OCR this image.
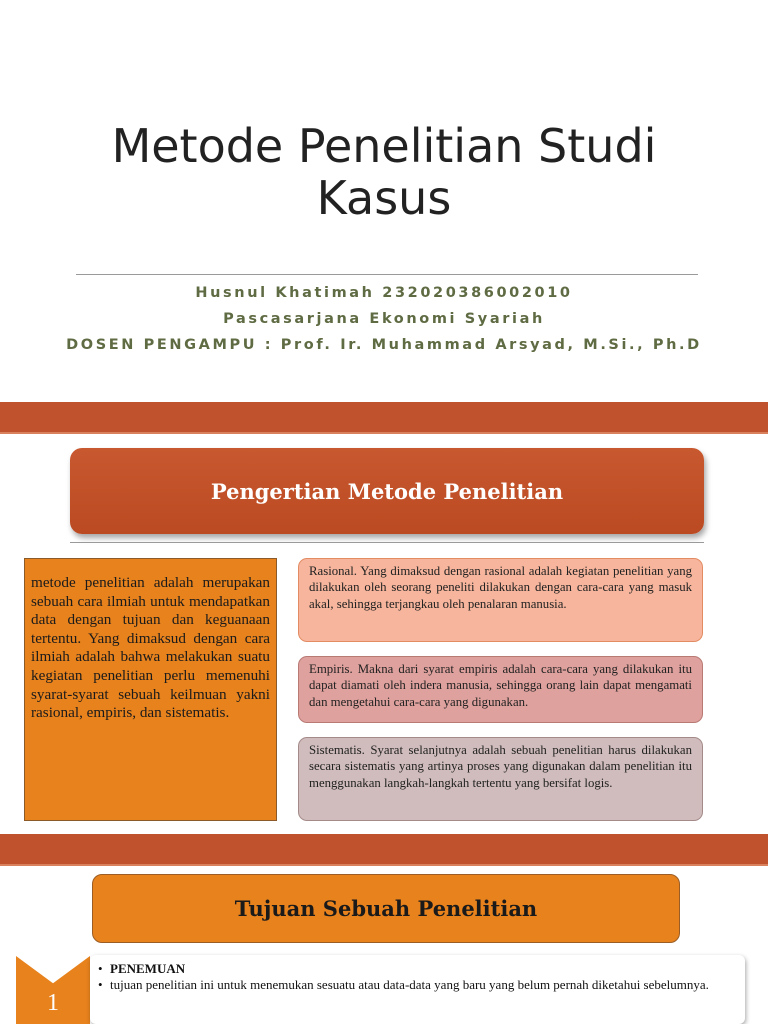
Metode Penelitian Studi Kasus
Husnul Khatimah 232020386002010
Pascasarjana Ekonomi Syariah
DOSEN PENGAMPU : Prof. Ir. Muhammad Arsyad, M.Si., Ph.D
Pengertian Metode Penelitian

metode penelitian adalah merupakan sebuah cara ilmiah untuk mendapatkan data dengan tujuan dan keguanaan tertentu. Yang dimaksud dengan cara ilmiah adalah bahwa melakukan suatu kegiatan penelitian perlu memenuhi syarat-syarat sebuah keilmuan yakni rasional, empiris, dan sistematis.

Rasional. Yang dimaksud dengan rasional adalah kegiatan penelitian yang dilakukan oleh seorang peneliti dilakukan dengan cara-cara yang masuk akal, sehingga terjangkau oleh penalaran manusia.

Empiris. Makna dari syarat empiris adalah cara-cara yang dilakukan itu dapat diamati oleh indera manusia, sehingga orang lain dapat mengamati dan mengetahui cara-cara yang digunakan.

Sistematis. Syarat selanjutnya adalah sebuah penelitian harus dilakukan secara sistematis yang artinya proses yang digunakan dalam penelitian itu menggunakan langkah-langkah tertentu yang bersifat logis.

Tujuan Sebuah Penelitian
1
• PENEMUAN
• tujuan penelitian ini untuk menemukan sesuatu atau data-data yang baru yang belum pernah diketahui sebelumnya.
